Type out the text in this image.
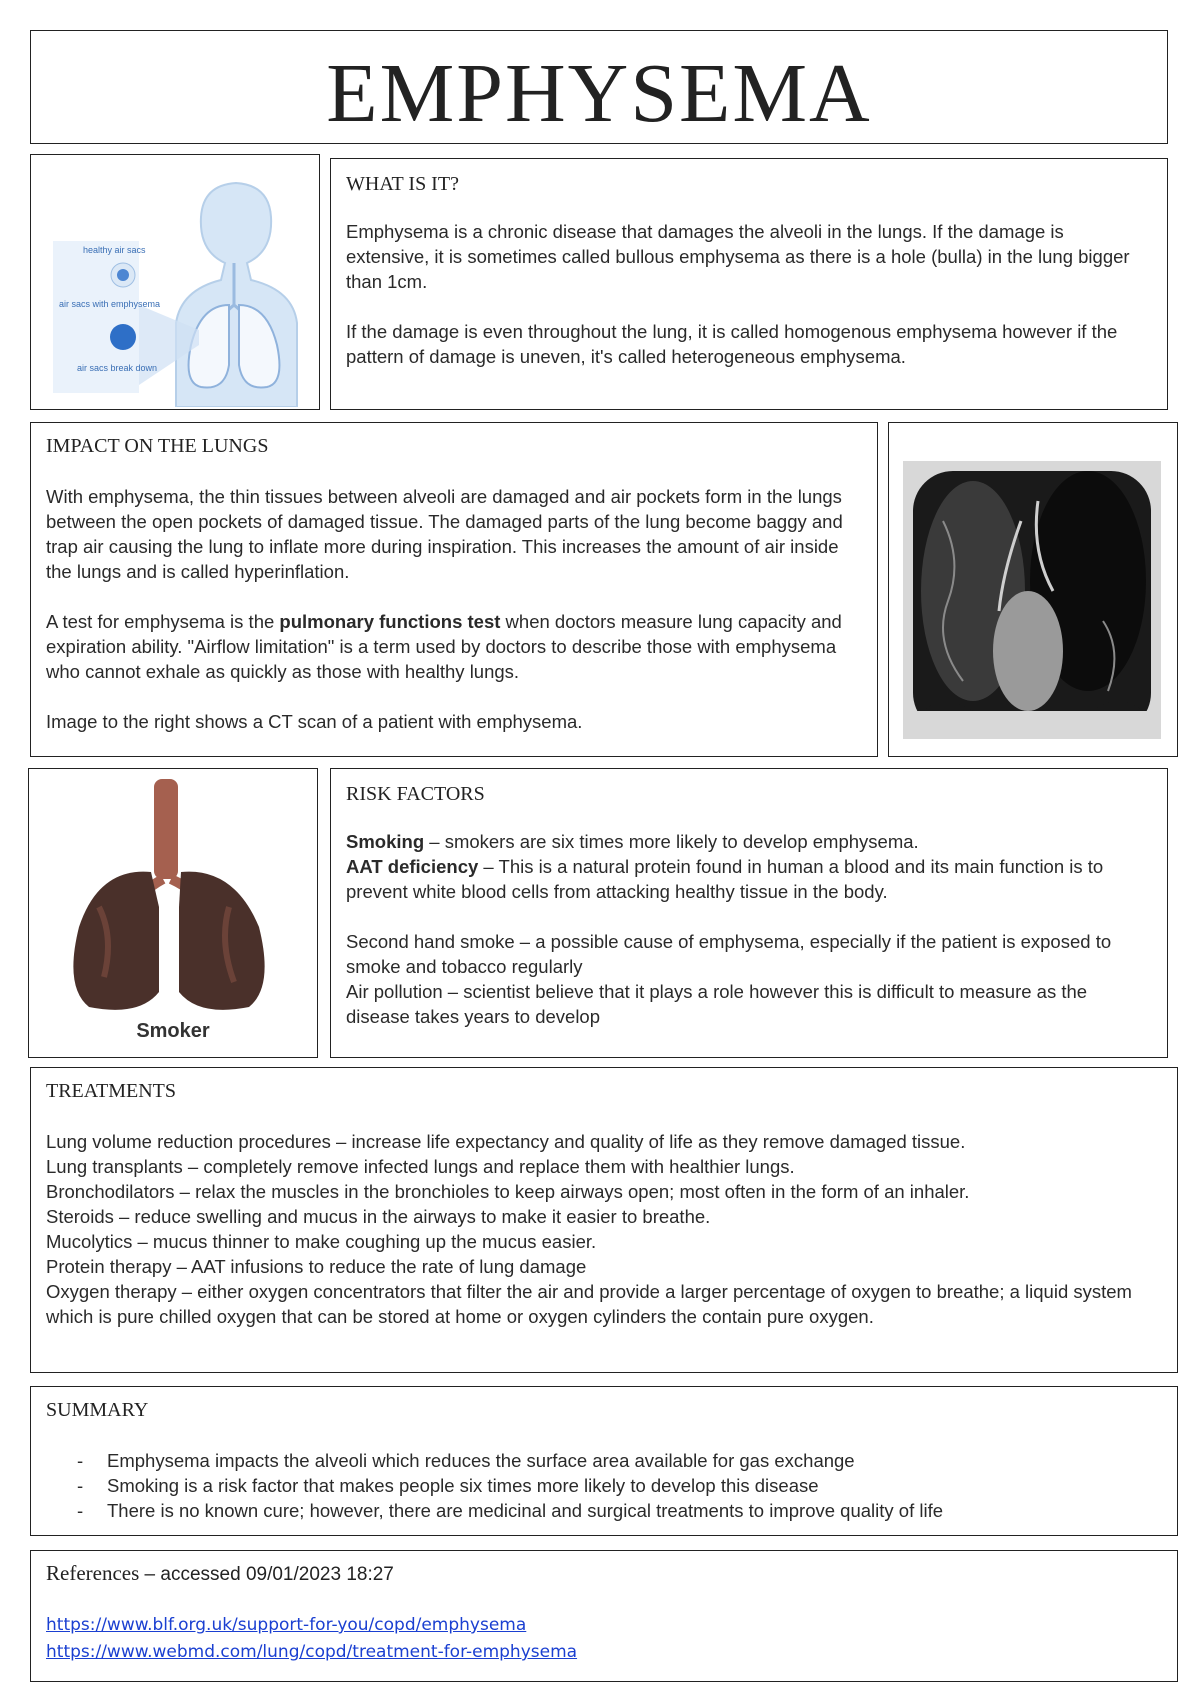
EMPHYSEMA
healthy air sacs
air sacs with emphysema
air sacs break down
WHAT IS IT?

Emphysema is a chronic disease that damages the alveoli in the lungs. If the damage is extensive, it is sometimes called bullous emphysema as there is a hole (bulla) in the lung bigger than 1cm.

If the damage is even throughout the lung, it is called homogenous emphysema however if the pattern of damage is uneven, it's called heterogeneous emphysema.

IMPACT ON THE LUNGS

With emphysema, the thin tissues between alveoli are damaged and air pockets form in the lungs between the open pockets of damaged tissue. The damaged parts of the lung become baggy and trap air causing the lung to inflate more during inspiration. This increases the amount of air inside the lungs and is called hyperinflation.

A test for emphysema is the pulmonary functions test when doctors measure lung capacity and expiration ability. "Airflow limitation" is a term used by doctors to describe those with emphysema who cannot exhale as quickly as those with healthy lungs.

Image to the right shows a CT scan of a patient with emphysema.

Smoker
RISK FACTORS

Smoking – smokers are six times more likely to develop emphysema.

AAT deficiency – This is a natural protein found in human a blood and its main function is to prevent white blood cells from attacking healthy tissue in the body.

Second hand smoke – a possible cause of emphysema, especially if the patient is exposed to smoke and tobacco regularly

Air pollution – scientist believe that it plays a role however this is difficult to measure as the disease takes years to develop

TREATMENTS

Lung volume reduction procedures – increase life expectancy and quality of life as they remove damaged tissue.

Lung transplants – completely remove infected lungs and replace them with healthier lungs.

Bronchodilators – relax the muscles in the bronchioles to keep airways open; most often in the form of an inhaler.

Steroids – reduce swelling and mucus in the airways to make it easier to breathe.

Mucolytics – mucus thinner to make coughing up the mucus easier.

Protein therapy – AAT infusions to reduce the rate of lung damage

Oxygen therapy – either oxygen concentrators that filter the air and provide a larger percentage of oxygen to breathe; a liquid system which is pure chilled oxygen that can be stored at home or oxygen cylinders the contain pure oxygen.

SUMMARY
- Emphysema impacts the alveoli which reduces the surface area available for gas exchange
- Smoking is a risk factor that makes people six times more likely to develop this disease
- There is no known cure; however, there are medicinal and surgical treatments to improve quality of life
References – accessed 09/01/2023 18:27
https://www.blf.org.uk/support-for-you/copd/emphysema
https://www.webmd.com/lung/copd/treatment-for-emphysema
